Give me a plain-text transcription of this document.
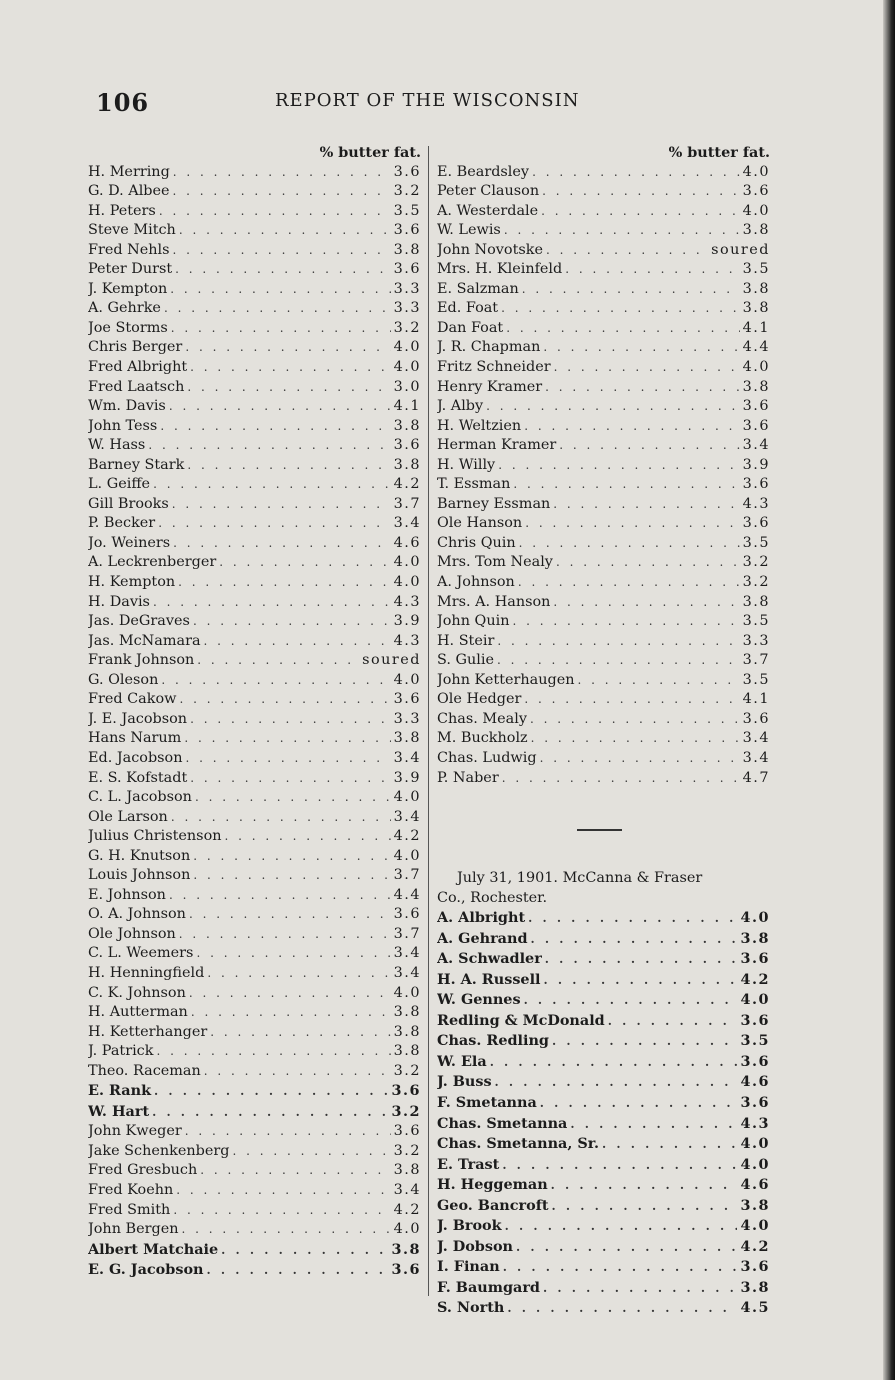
106	REPORT OF THE WISCONSIN
% butter fat.
H. Merring . . .	3.6
G. D. Albee . . .	3.2
H. Peters . . .	3.5
Steve Mitch . . .	3.6
Fred Nehls . . .	3.8
Peter Durst . . .	3.6
J. Kempton . . .	3.3
A. Gehrke . . .	3.3
Joe Storms . . .	3.2
Chris Berger . . .	4.0
Fred Albright . . .	4.0
Fred Laatsch . . .	3.0
Wm. Davis . . .	4.1
John Tess . . .	3.8
W. Hass . . .	3.6
Barney Stark . . .	3.8
L. Geiffe . . .	4.2
Gill Brooks . . .	3.7
P. Becker . . .	3.4
Jo. Weiners . . .	4.6
A. Leckrenberger . . .	4.0
H. Kempton . . .	4.0
H. Davis . . .	4.3
Jas. DeGraves . . .	3.9
Jas. McNamara . . .	4.3
Frank Johnson . . .	soured
G. Oleson . . .	4.0
Fred Cakow . . .	3.6
J. E. Jacobson . . .	3.3
Hans Narum . . .	3.8
Ed. Jacobson . . .	3.4
E. S. Kofstadt . . .	3.9
C. L. Jacobson . . .	4.0
Ole Larson . . .	3.4
Julius Christenson . . .	4.2
G. H. Knutson . . .	4.0
Louis Johnson . . .	3.7
E. Johnson . . .	4.4
O. A. Johnson . . .	3.6
Ole Johnson . . .	3.7
C. L. Weemers . . .	3.4
H. Henningfield . . .	3.4
C. K. Johnson . . .	4.0
H. Autterman . . .	3.8
H. Ketterhanger . . .	3.8
J. Patrick . . .	3.8
Theo. Raceman . . .	3.2
E. Rank . . .	3.6
W. Hart . . .	3.2
John Kweger . . .	3.6
Jake Schenkenberg . . .	3.2
Fred Gresbuch . . .	3.8
Fred Koehn . . .	3.4
Fred Smith . . .	4.2
John Bergen . . .	4.0
Albert Matchaie . . .	3.8
E. G. Jacobson . . .	3.6
% butter fat.
E. Beardsley . . .	4.0
Peter Clauson . . .	3.6
A. Westerdale . . .	4.0
W. Lewis . . .	3.8
John Novotske . . .	soured
Mrs. H. Kleinfeld . . .	3.5
E. Salzman . . .	3.8
Ed. Foat . . .	3.8
Dan Foat . . .	4.1
J. R. Chapman . . .	4.4
Fritz Schneider . . .	4.0
Henry Kramer . . .	3.8
J. Alby . . .	3.6
H. Weltzien . . .	3.6
Herman Kramer . . .	3.4
H. Willy . . .	3.9
T. Essman . . .	3.6
Barney Essman . . .	4.3
Ole Hanson . . .	3.6
Chris Quin . . .	3.5
Mrs. Tom Nealy . . .	3.2
A. Johnson . . .	3.2
Mrs. A. Hanson . . .	3.8
John Quin . . .	3.5
H. Steir . . .	3.3
S. Gulie . . .	3.7
John Ketterhaugen . . .	3.5
Ole Hedger . . .	4.1
Chas. Mealy . . .	3.6
M. Buckholz . . .	3.4
Chas. Ludwig . . .	3.4
P. Naber . . .	4.7
July 31, 1901. McCanna & Fraser
Co., Rochester.
A. Albright . . .	4.0
A. Gehrand . . .	3.8
A. Schwadler . . .	3.6
H. A. Russell . . .	4.2
W. Gennes . . .	4.0
Redling & McDonald . . .	3.6
Chas. Redling . . .	3.5
W. Ela . . .	3.6
J. Buss . . .	4.6
F. Smetanna . . .	3.6
Chas. Smetanna . . .	4.3
Chas. Smetanna, Sr. . . .	4.0
E. Trast . . .	4.0
H. Heggeman . . .	4.6
Geo. Bancroft . . .	3.8
J. Brook . . .	4.0
J. Dobson . . .	4.2
I. Finan . . .	3.6
F. Baumgard . . .	3.8
S. North . . .	4.5
